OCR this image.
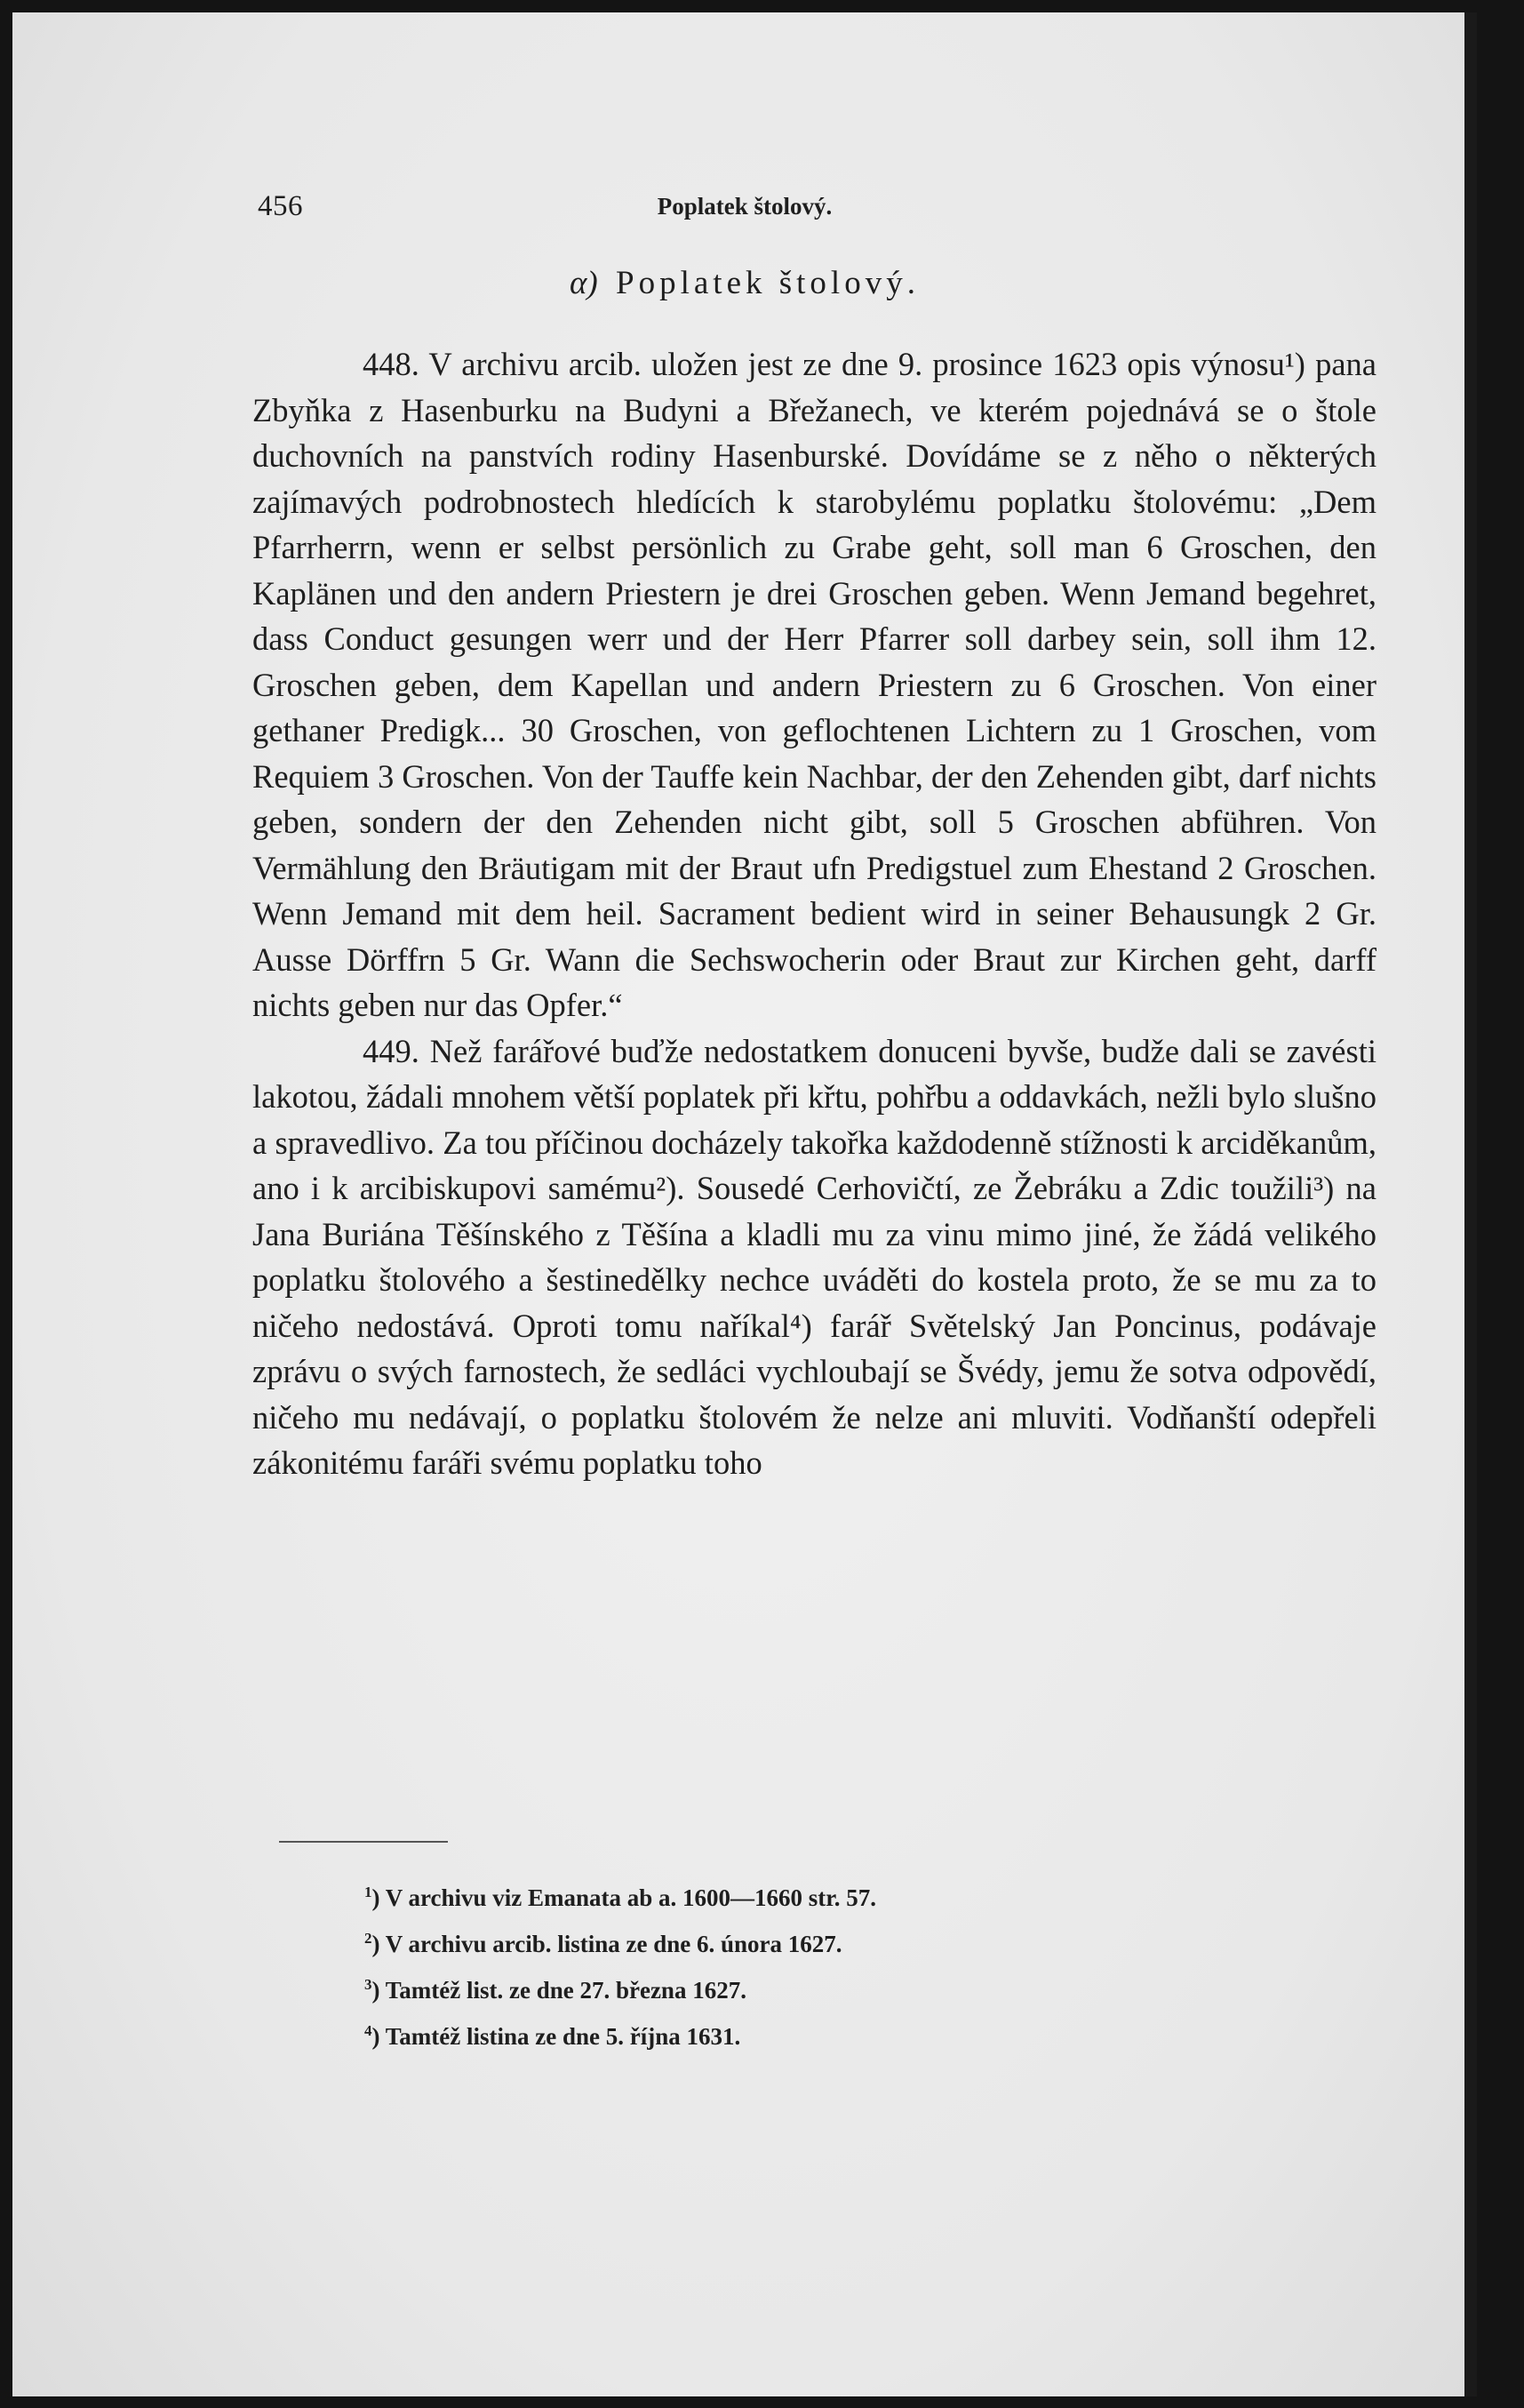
456	Poplatek štolový.
α) Poplatek štolový.

448. V archivu arcib. uložen jest ze dne 9. prosince 1623 opis výnosu¹) pana Zbyňka z Hasenburku na Budyni a Břežanech, ve kterém pojednává se o štole duchovních na panstvích rodiny Hasenburské. Dovídáme se z něho o některých zajímavých podrobnostech hledících k starobylému poplatku štolovému: „Dem Pfarrherrn, wenn er selbst persönlich zu Grabe geht, soll man 6 Groschen, den Kaplänen und den andern Priestern je drei Groschen geben. Wenn Jemand begehret, dass Conduct gesungen werr und der Herr Pfarrer soll darbey sein, soll ihm 12. Groschen geben, dem Kapellan und andern Priestern zu 6 Groschen. Von einer gethaner Predigk... 30 Groschen, von geflochtenen Lichtern zu 1 Groschen, vom Requiem 3 Groschen. Von der Tauffe kein Nachbar, der den Zehenden gibt, darf nichts geben, sondern der den Zehenden nicht gibt, soll 5 Groschen abführen. Von Vermählung den Bräutigam mit der Braut ufn Predigstuel zum Ehestand 2 Groschen. Wenn Jemand mit dem heil. Sacrament bedient wird in seiner Behausungk 2 Gr. Ausse Dörffrn 5 Gr. Wann die Sechswocherin oder Braut zur Kirchen geht, darff nichts geben nur das Opfer.“

449. Než farářové buďže nedostatkem donuceni byvše, budže dali se zavésti lakotou, žádali mnohem větší poplatek při křtu, pohřbu a oddavkách, nežli bylo slušno a spravedlivo. Za tou příčinou docházely takořka každodenně stížnosti k arciděkanům, ano i k arcibiskupovi samému²). Sousedé Cerhovičtí, ze Žebráku a Zdic toužili³) na Jana Buriána Těšínského z Těšína a kladli mu za vinu mimo jiné, že žádá velikého poplatku štolového a šestinedělky nechce uváděti do kostela proto, že se mu za to ničeho nedostává. Oproti tomu naříkal⁴) farář Světelský Jan Poncinus, podávaje zprávu o svých farnostech, že sedláci vychloubají se Švédy, jemu že sotva odpovědí, ničeho mu nedávají, o poplatku štolovém že nelze ani mluviti. Vodňanští odepřeli zákonitému faráři svému poplatku toho

$^1$) V archivu viz Emanata ab a. 1600—1660 str. 57.
$^2$) V archivu arcib. listina ze dne 6. února 1627.
$^3$) Tamtéž list. ze dne 27. března 1627.
$^4$) Tamtéž listina ze dne 5. října 1631.
